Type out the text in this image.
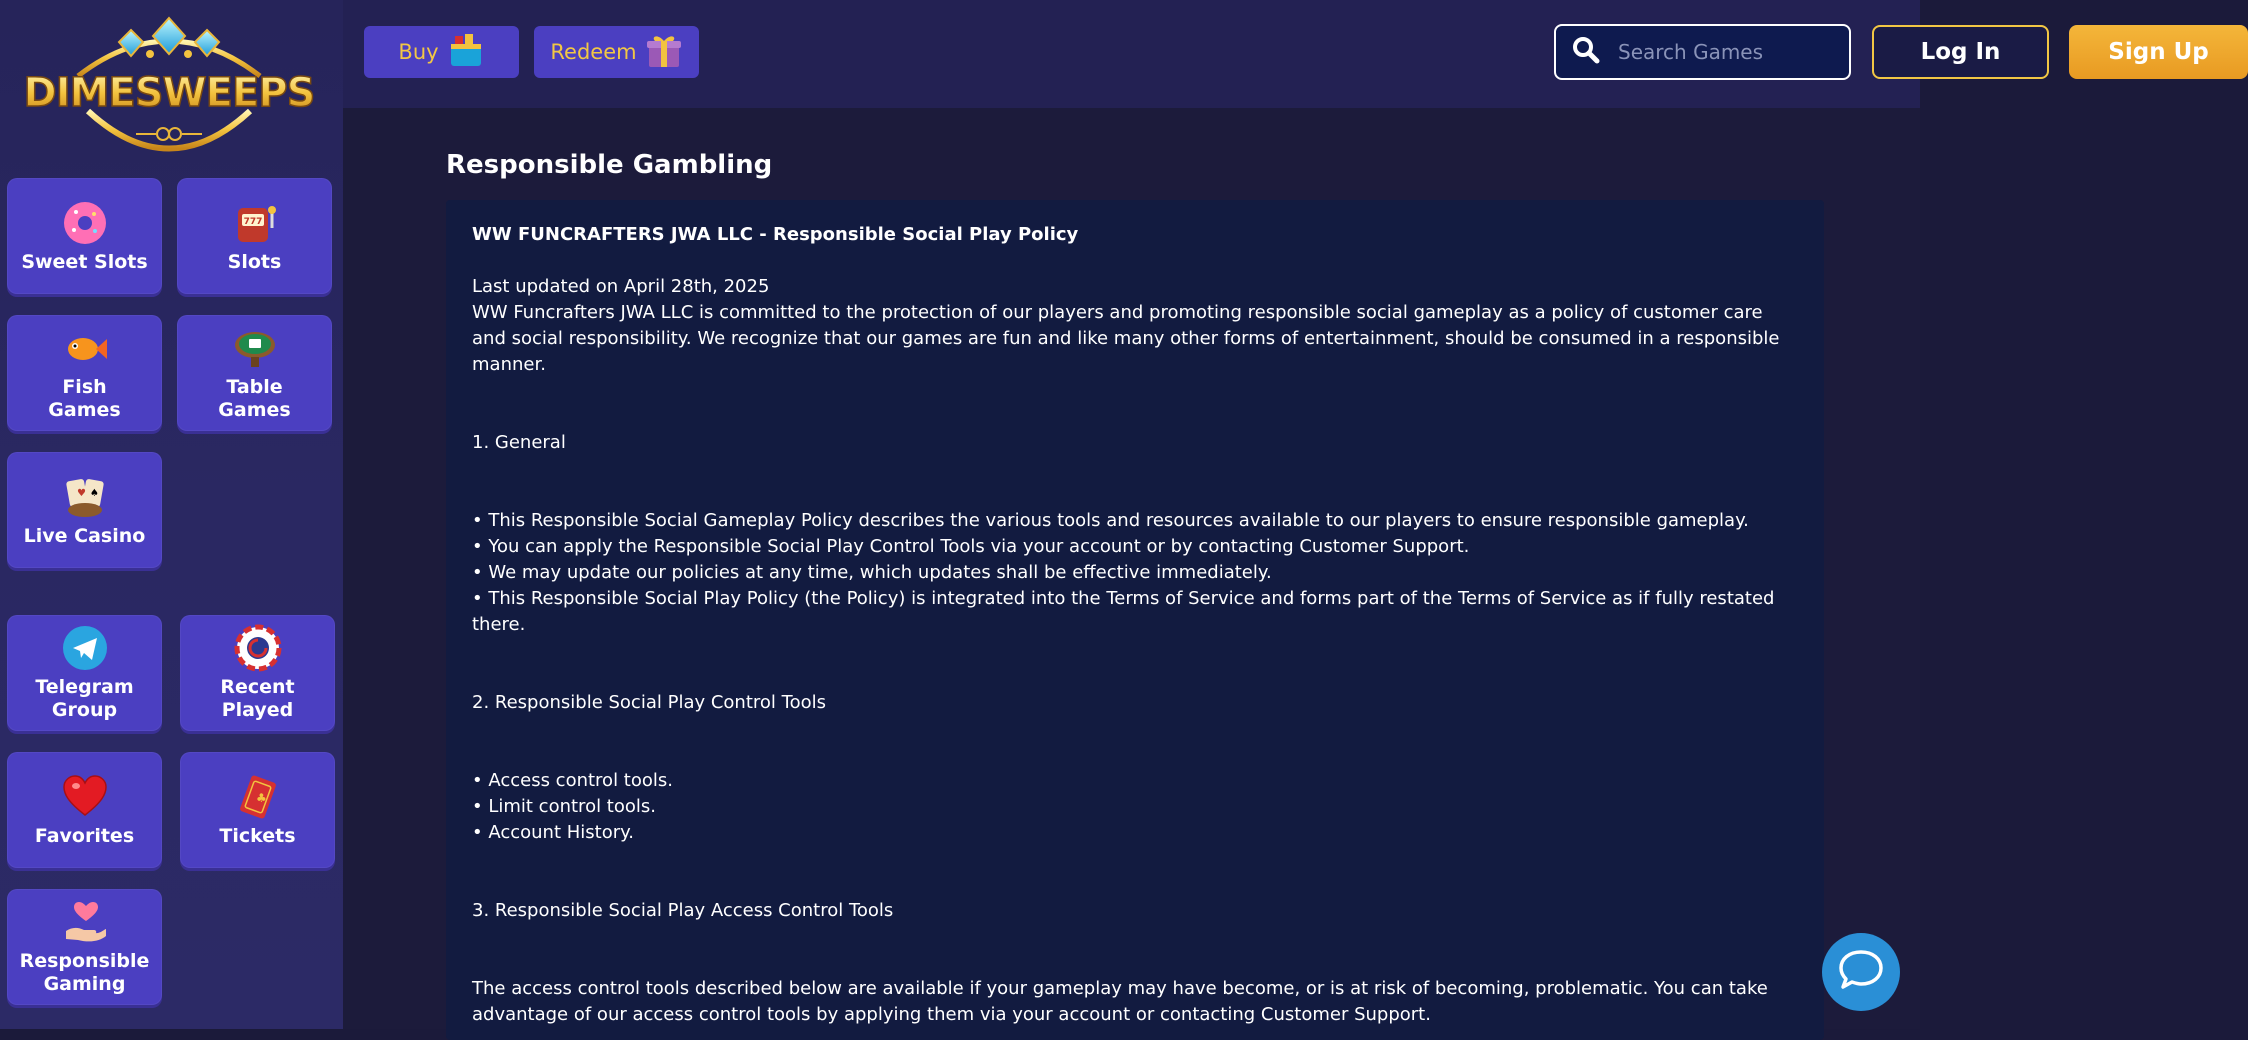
DIMESWEEPS
Sweet Slots
777
Slots
Fish
Games
Table
Games
♥ ♠
Live Casino
Telegram
Group
Recent
Played
Favorites
♣
Tickets
Responsible
Gaming
Buy	Redeem
Search Games	Log In	Sign Up
Responsible Gambling
WW FUNCRAFTERS JWA LLC - Responsible Social Play Policy

Last updated on April 28th, 2025

WW Funcrafters JWA LLC is committed to the protection of our players and promoting responsible social gameplay as a policy of customer care and social responsibility. We recognize that our games are fun and like many other forms of entertainment, should be consumed in a responsible manner.

1. General

• This Responsible Social Gameplay Policy describes the various tools and resources available to our players to ensure responsible gameplay.

• You can apply the Responsible Social Play Control Tools via your account or by contacting Customer Support.

• We may update our policies at any time, which updates shall be effective immediately.

• This Responsible Social Play Policy (the Policy) is integrated into the Terms of Service and forms part of the Terms of Service as if fully restated there.

2. Responsible Social Play Control Tools

• Access control tools.

• Limit control tools.

• Account History.

3. Responsible Social Play Access Control Tools

The access control tools described below are available if your gameplay may have become, or is at risk of becoming, problematic. You can take advantage of our access control tools by applying them via your account or contacting Customer Support.
